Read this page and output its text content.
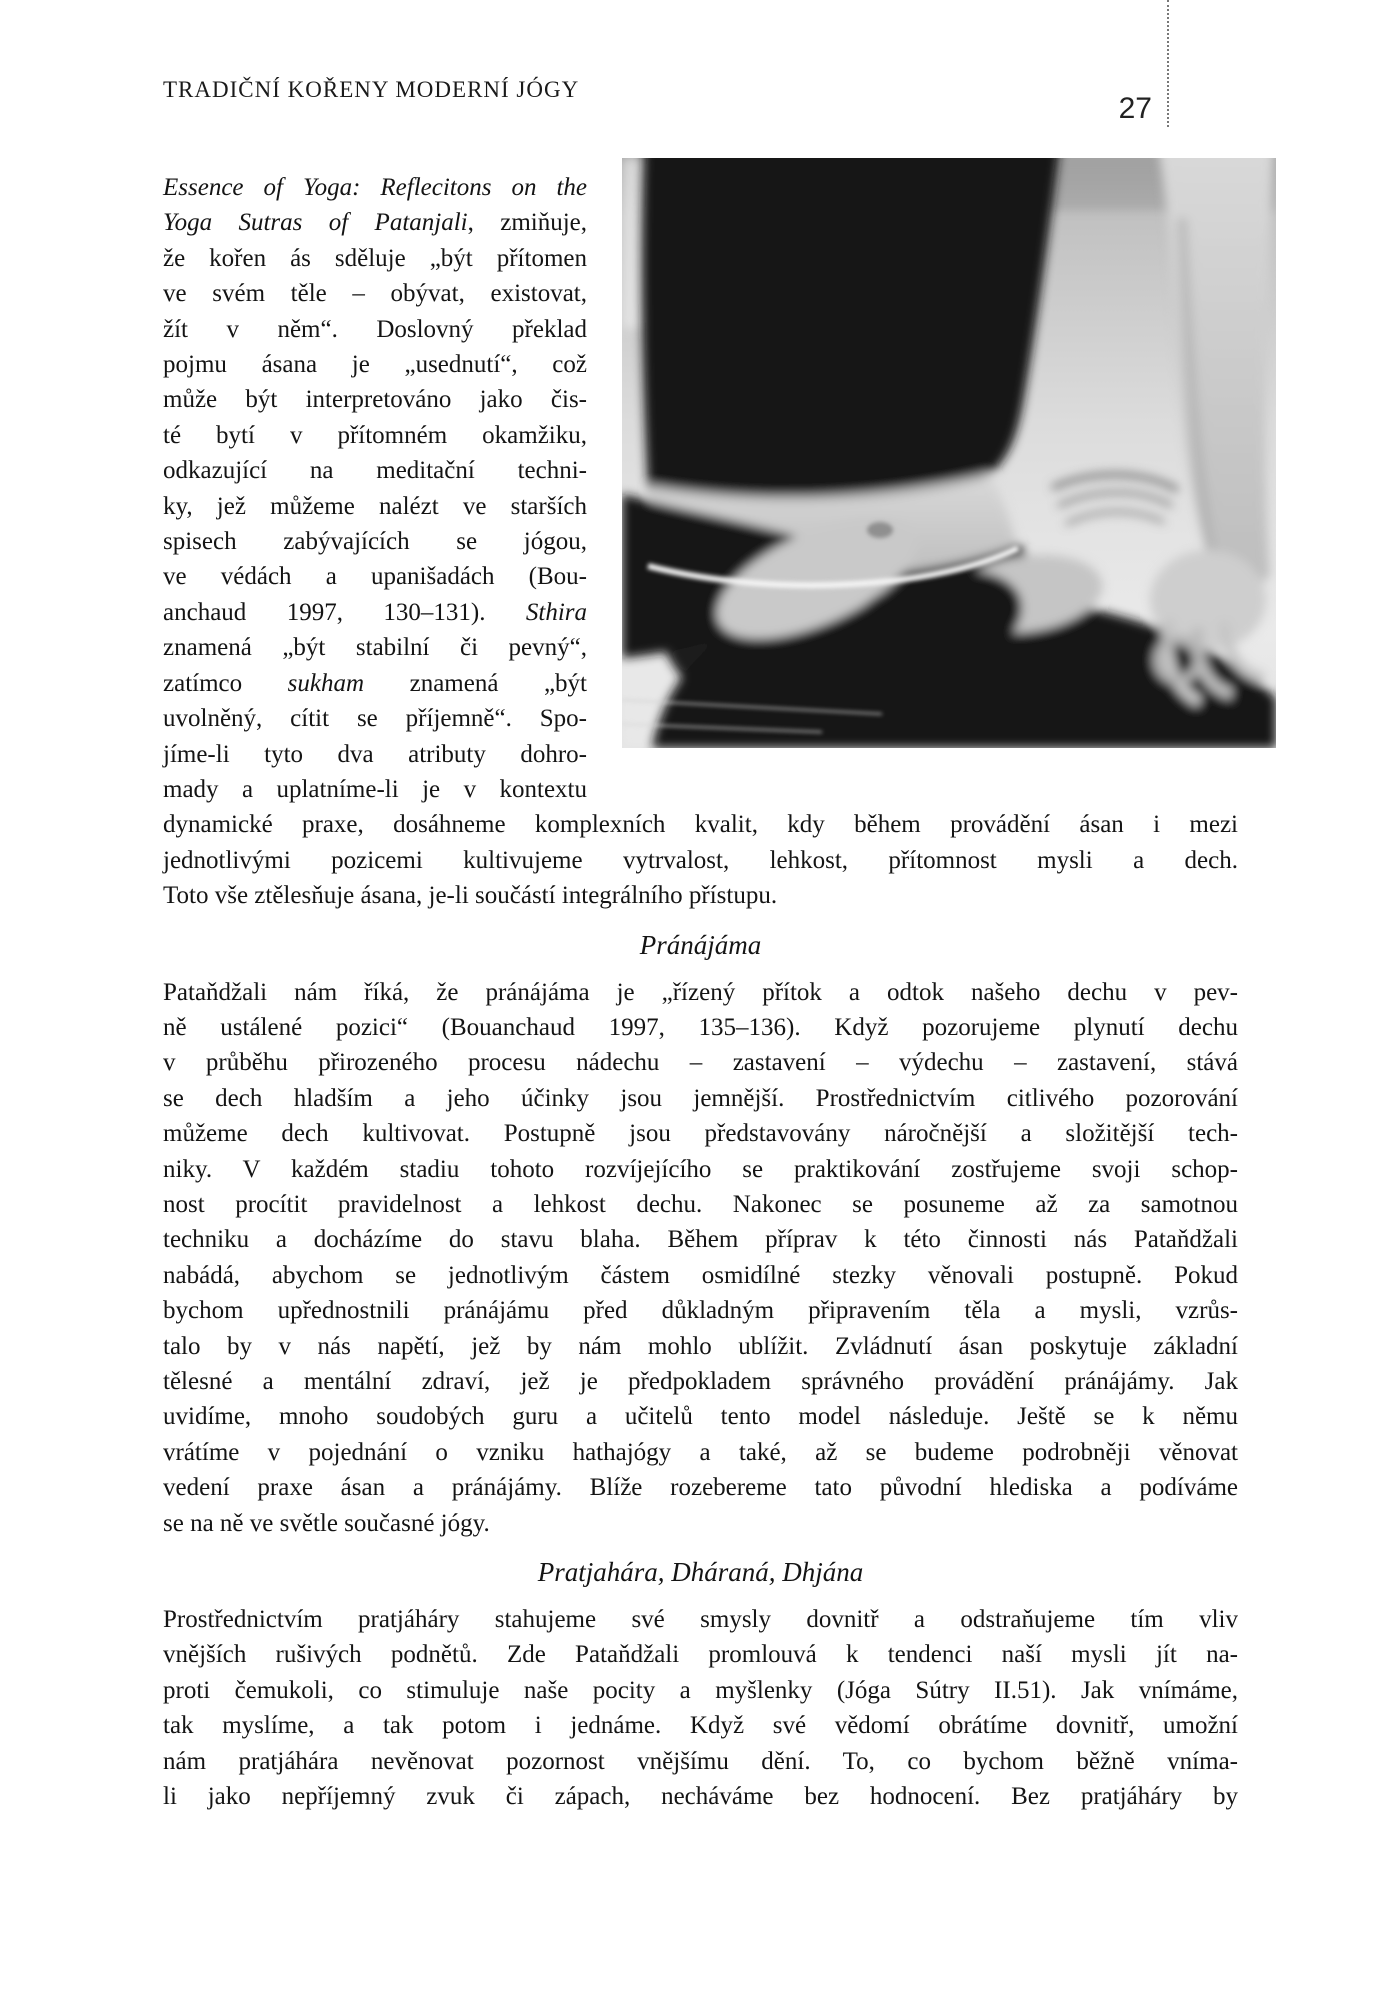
TRADIČNÍ KOŘENY MODERNÍ JÓGY
27
Essence of Yoga: Reflecitons on the
Yoga Sutras of Patanjali, zmiňuje,
že kořen ás sděluje „být přítomen
ve svém těle – obývat, existovat,
žít v něm“. Doslovný překlad
pojmu ásana je „usednutí“, což
může být interpretováno jako čis-
té bytí v přítomném okamžiku,
odkazující na meditační techni-
ky, jež můžeme nalézt ve starších
spisech zabývajících se jógou,
ve védách a upanišadách (Bou-
anchaud 1997, 130–131). Sthira
znamená „být stabilní či pevný“,
zatímco sukham znamená „být
uvolněný, cítit se příjemně“. Spo-
jíme-li tyto dva atributy dohro-
mady a uplatníme-li je v kontextu
dynamické praxe, dosáhneme komplexních kvalit, kdy během provádění ásan i mezi
jednotlivými pozicemi kultivujeme vytrvalost, lehkost, přítomnost mysli a dech.
Toto vše ztělesňuje ásana, je-li součástí integrálního přístupu.
Pránájáma
Pataňdžali nám říká, že pránájáma je „řízený přítok a odtok našeho dechu v pev-
ně ustálené pozici“ (Bouanchaud 1997, 135–136). Když pozorujeme plynutí dechu
v průběhu přirozeného procesu nádechu – zastavení – výdechu – zastavení, stává
se dech hladším a jeho účinky jsou jemnější. Prostřednictvím citlivého pozorování
můžeme dech kultivovat. Postupně jsou představovány náročnější a složitější tech-
niky. V každém stadiu tohoto rozvíjejícího se praktikování zostřujeme svoji schop-
nost procítit pravidelnost a lehkost dechu. Nakonec se posuneme až za samotnou
techniku a docházíme do stavu blaha. Během příprav k této činnosti nás Pataňdžali
nabádá, abychom se jednotlivým částem osmidílné stezky věnovali postupně. Pokud
bychom upřednostnili pránájámu před důkladným připravením těla a mysli, vzrůs-
talo by v nás napětí, jež by nám mohlo ublížit. Zvládnutí ásan poskytuje základní
tělesné a mentální zdraví, jež je předpokladem správného provádění pránájámy. Jak
uvidíme, mnoho soudobých guru a učitelů tento model následuje. Ještě se k němu
vrátíme v pojednání o vzniku hathajógy a také, až se budeme podrobněji věnovat
vedení praxe ásan a pránájámy. Blíže rozebereme tato původní hlediska a podíváme
se na ně ve světle současné jógy.
Pratjahára, Dháraná, Dhjána
Prostřednictvím pratjáháry stahujeme své smysly dovnitř a odstraňujeme tím vliv
vnějších rušivých podnětů. Zde Pataňdžali promlouvá k tendenci naší mysli jít na-
proti čemukoli, co stimuluje naše pocity a myšlenky (Jóga Sútry II.51). Jak vnímáme,
tak myslíme, a tak potom i jednáme. Když své vědomí obrátíme dovnitř, umožní
nám pratjáhára nevěnovat pozornost vnějšímu dění. To, co bychom běžně vníma-
li jako nepříjemný zvuk či zápach, necháváme bez hodnocení. Bez pratjáháry by
